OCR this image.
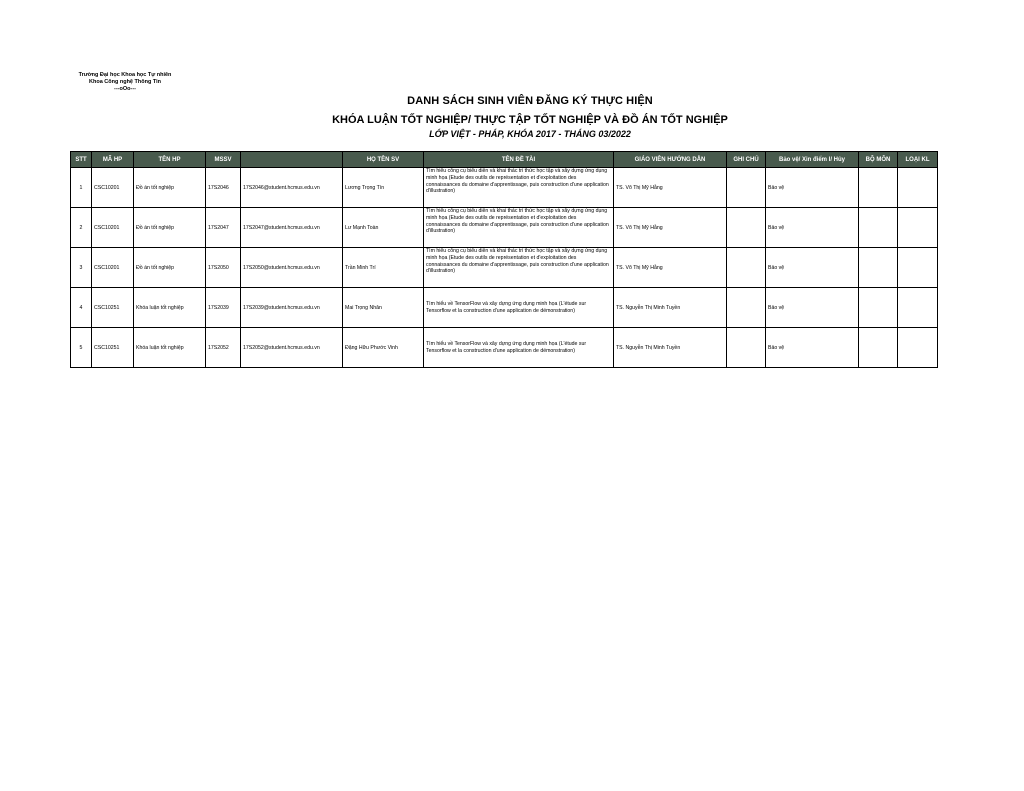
Trường Đại học Khoa học Tự nhiên
Khoa Công nghệ Thông Tin
---oOo---
DANH SÁCH SINH VIÊN ĐĂNG KÝ THỰC HIỆN
KHÓA LUẬN TỐT NGHIỆP/ THỰC TẬP TỐT NGHIỆP VÀ ĐỒ ÁN TỐT NGHIỆP
LỚP VIỆT - PHÁP, KHÓA 2017 - THÁNG 03/2022
STT	MÃ HP	TÊN HP	MSSV		HỌ TÊN SV	TÊN ĐỀ TÀI	GIÁO VIÊN HƯỚNG DẪN	GHI CHÚ	Bảo vệ/ Xin điểm I/ Hủy	BỘ MÔN	LOẠI KL
1	CSC10201	Đồ án tốt nghiệp	17S2046	17S2046@student.hcmus.edu.vn	Lương Trọng Tín	Tìm hiểu công cụ biểu diễn và khai thác tri thức học tập và xây dựng ứng dụng minh họa (Etude des outils de représentation et d'exploitation des connaissances du domaine d'apprentissage, puis construction d'une application d'illustration)	TS. Võ Thị Mỹ Hằng		Bảo vệ		
2	CSC10201	Đồ án tốt nghiệp	17S2047	17S2047@student.hcmus.edu.vn	Lư Mạnh Toàn	Tìm hiểu công cụ biểu diễn và khai thác tri thức học tập và xây dựng ứng dụng minh họa (Etude des outils de représentation et d'exploitation des connaissances du domaine d'apprentissage, puis construction d'une application d'illustration)	TS. Võ Thị Mỹ Hằng		Bảo vệ		
3	CSC10201	Đồ án tốt nghiệp	17S2050	17S2050@student.hcmus.edu.vn	Trần Minh Trí	Tìm hiểu công cụ biểu diễn và khai thác tri thức học tập và xây dựng ứng dụng minh họa (Etude des outils de représentation et d'exploitation des connaissances du domaine d'apprentissage, puis construction d'une application d'illustration)	TS. Võ Thị Mỹ Hằng		Bảo vệ		
4	CSC10251	Khóa luận tốt nghiệp	17S2039	17S2039@student.hcmus.edu.vn	Mai Trọng Nhân	Tìm hiểu về TensorFlow và xây dựng ứng dụng minh họa (L'étude sur Tensorflow et la construction d'une application de démonstration)	TS. Nguyễn Thị Minh Tuyền		Bảo vệ		
5	CSC10251	Khóa luận tốt nghiệp	17S2052	17S2052@student.hcmus.edu.vn	Đặng Hữu Phước Vinh	Tìm hiểu về TensorFlow và xây dựng ứng dụng minh họa (L'étude sur Tensorflow et la construction d'une application de démonstration)	TS. Nguyễn Thị Minh Tuyền		Bảo vệ		
